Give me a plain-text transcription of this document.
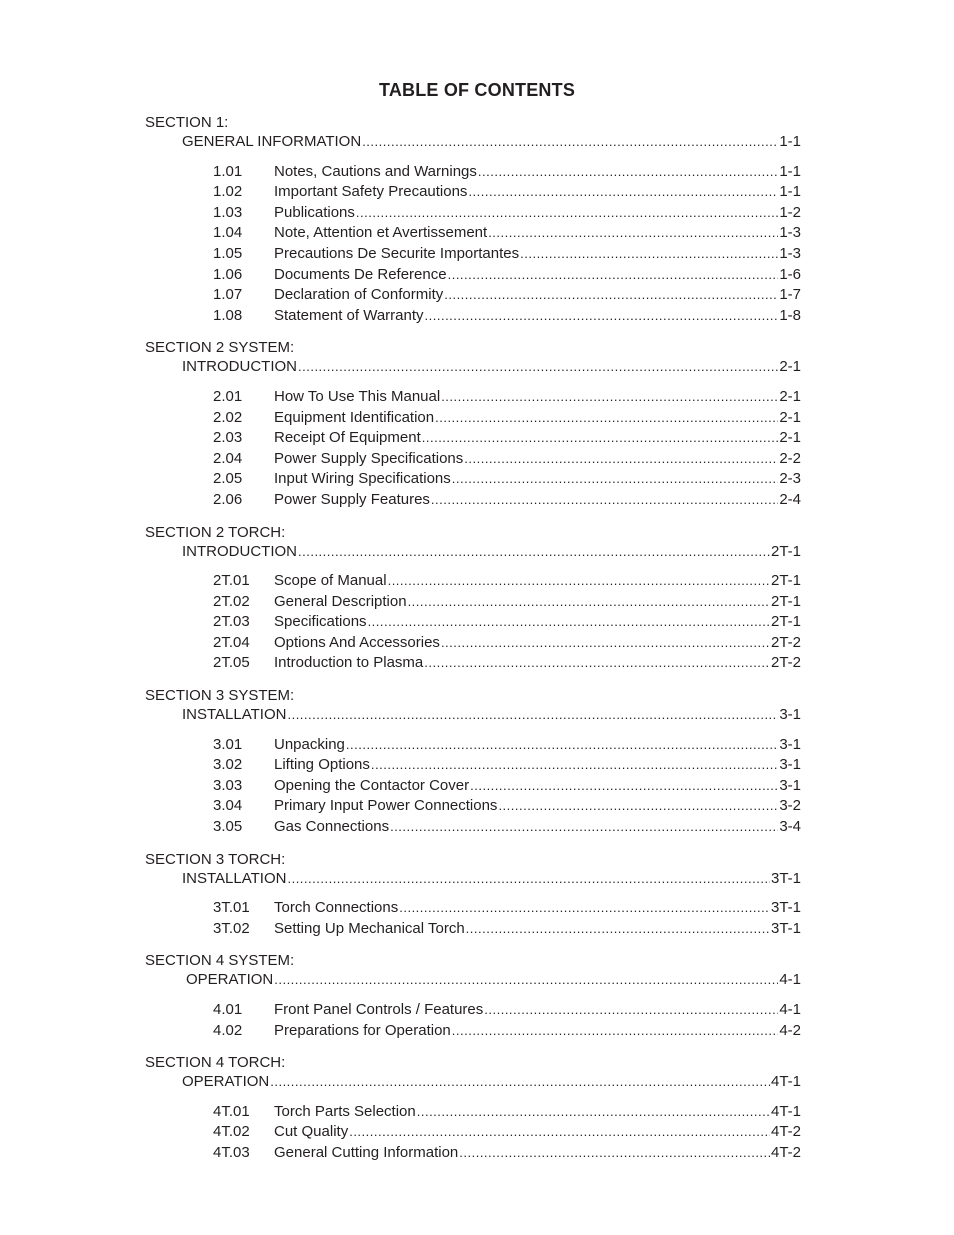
TABLE OF CONTENTS
SECTION 1:
GENERAL INFORMATION .....	1-1
1.01	Notes, Cautions and Warnings .....	1-1
1.02	Important Safety Precautions .....	1-1
1.03	Publications .....	1-2
1.04	Note, Attention et Avertissement .....	1-3
1.05	Precautions De Securite Importantes .....	1-3
1.06	Documents De Reference .....	1-6
1.07	Declaration of Conformity .....	1-7
1.08	Statement of Warranty .....	1-8
SECTION 2 SYSTEM:
INTRODUCTION .....	2-1
2.01	How To Use This Manual .....	2-1
2.02	Equipment Identification .....	2-1
2.03	Receipt Of Equipment .....	2-1
2.04	Power Supply Specifications .....	2-2
2.05	Input Wiring Specifications .....	2-3
2.06	Power Supply Features .....	2-4
SECTION 2 TORCH:
INTRODUCTION .....	2T-1
2T.01	Scope of Manual .....	2T-1
2T.02	General Description .....	2T-1
2T.03	Specifications .....	2T-1
2T.04	Options And Accessories .....	2T-2
2T.05	Introduction to Plasma .....	2T-2
SECTION 3 SYSTEM:
INSTALLATION .....	3-1
3.01	Unpacking .....	3-1
3.02	Lifting Options .....	3-1
3.03	Opening the Contactor Cover .....	3-1
3.04	Primary Input Power Connections .....	3-2
3.05	Gas Connections .....	3-4
SECTION 3 TORCH:
INSTALLATION .....	3T-1
3T.01	Torch Connections .....	3T-1
3T.02	Setting Up Mechanical Torch .....	3T-1
SECTION 4 SYSTEM:
OPERATION .....	4-1
4.01	Front Panel Controls / Features .....	4-1
4.02	Preparations for Operation .....	4-2
SECTION 4 TORCH:
OPERATION .....	4T-1
4T.01	Torch Parts Selection .....	4T-1
4T.02	Cut Quality .....	4T-2
4T.03	General Cutting Information .....	4T-2
